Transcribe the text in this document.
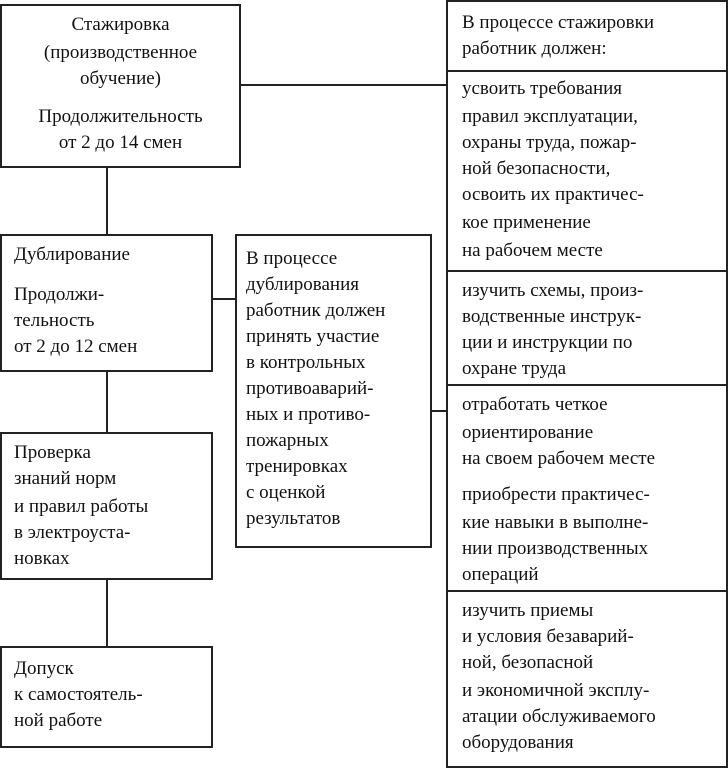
Стажировка
(производственное
обучение)
Продолжительность
от 2 до 14 смен
Дублирование
Продолжи-
тельность
от 2 до 12 смен
В процессе
дублирования
работник должен
принять участие
в контрольных
противоаварий-
ных и противо-
пожарных
тренировках
с оценкой
результатов
Проверка
знаний норм
и правил работы
в электроуста-
новках
Допуск
к самостоятель-
ной работе
В процессе стажировки
работник должен:
усвоить требования
правил эксплуатации,
охраны труда, пожар-
ной безопасности,
освоить их практичес-
кое применение
на рабочем месте
изучить схемы, произ-
водственные инструк-
ции и инструкции по
охране труда
отработать четкое
ориентирование
на своем рабочем месте
приобрести практичес-
кие навыки в выполне-
нии производственных
операций
изучить приемы
и условия безаварий-
ной, безопасной
и экономичной эксплу-
атации обслуживаемого
оборудования
